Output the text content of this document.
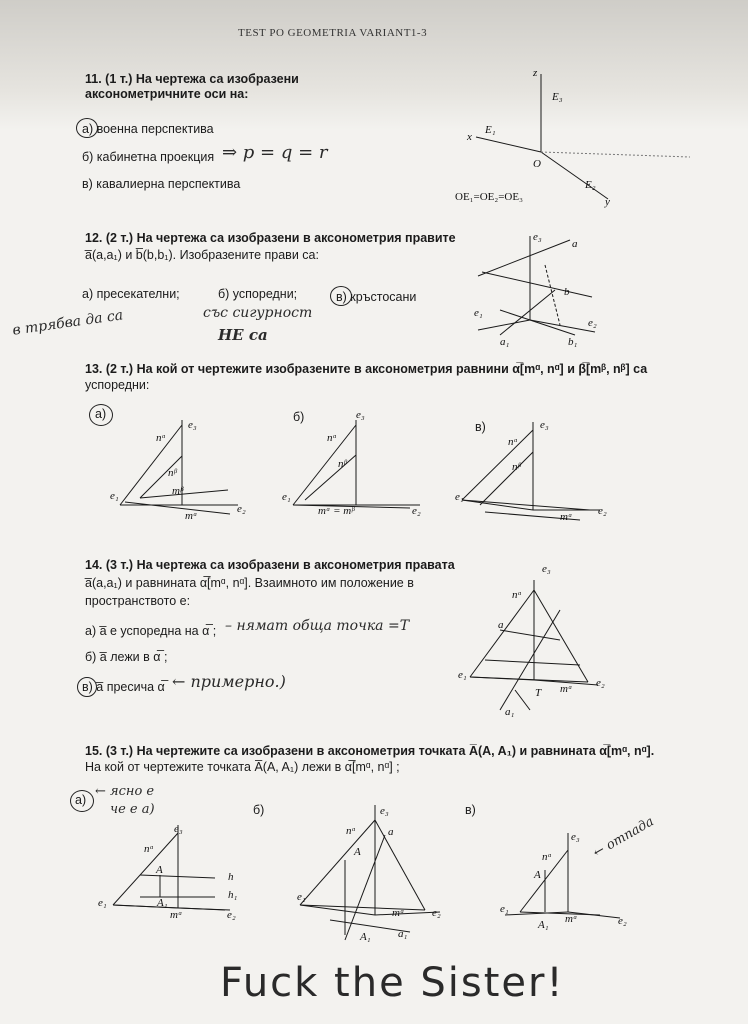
TEST PO GEOMETRIA VARIANT1-3
11. (1 т.) На чертежа са изобразени аксонометричните оси на:
а) военна перспектива
б) кабинетна проекция ⇒ p = q = r
в) кавалиерна перспектива
z
E₃
x
E₁
O
E₂
y
OE₁=OE₂=OE₃
e₃
a
b
e₁
e₂
a₁	b₁
e₃
nᵅ
nᵝ
mᵝ
e₁
mᵅ
e₂
e₃
nᵅ
nᵝ
e₁
mᵅ = mᵝ	e₂
e₃
nᵅ
nᵝ
e₁
mᵅ e₂
e₃
nᵅ
a
e₁
e₂
mᵅ
T
a₁
e₃
nᵅ
A
h
h₁
A₁
e₁
mᵅ	e₂
e₃
nᵅ	a
A
e₁
mᵅ	e₂
A₁ a₁
e₃
nᵅ
A
e₁
A₁ mᵅ	e₂
12. (2 т.) На чертежа са изобразени в аксонометрия правите
a̅(a,a₁) и b̅(b,b₁). Изобразените прави са:
а) пресекателни;	б) успоредни;	в) кръстосани
със сигурност
НЕ са
в трябва да са
13. (2 т.) На кой от чертежите изобразените в аксонометрия равнини α̅[mᵅ, nᵅ] и β̅[mᵝ, nᵝ] са
успоредни:
а)	б)
в)
14. (3 т.) На чертежа са изобразени в аксонометрия правата
a̅(a,a₁) и равнината α̅[mᵅ, nᵅ]. Взаимното им положение в
пространството е:
а) a̅ е успоредна на α̅ ; – нямат обща точка =T
б) a̅ лежи в α̅ ;
в) a̅ пресича α̅ ← примерно.)
15. (3 т.) На чертежите са изобразени в аксонометрия точката A̅(A, A₁) и равнината α̅[mᵅ, nᵅ].
На кой от чертежите точката A̅(A, A₁) лежи в α̅[mᵅ, nᵅ] ;
а)
← ясно е
че е а)	б)	в)
← отпада
Fuck the Sister!
